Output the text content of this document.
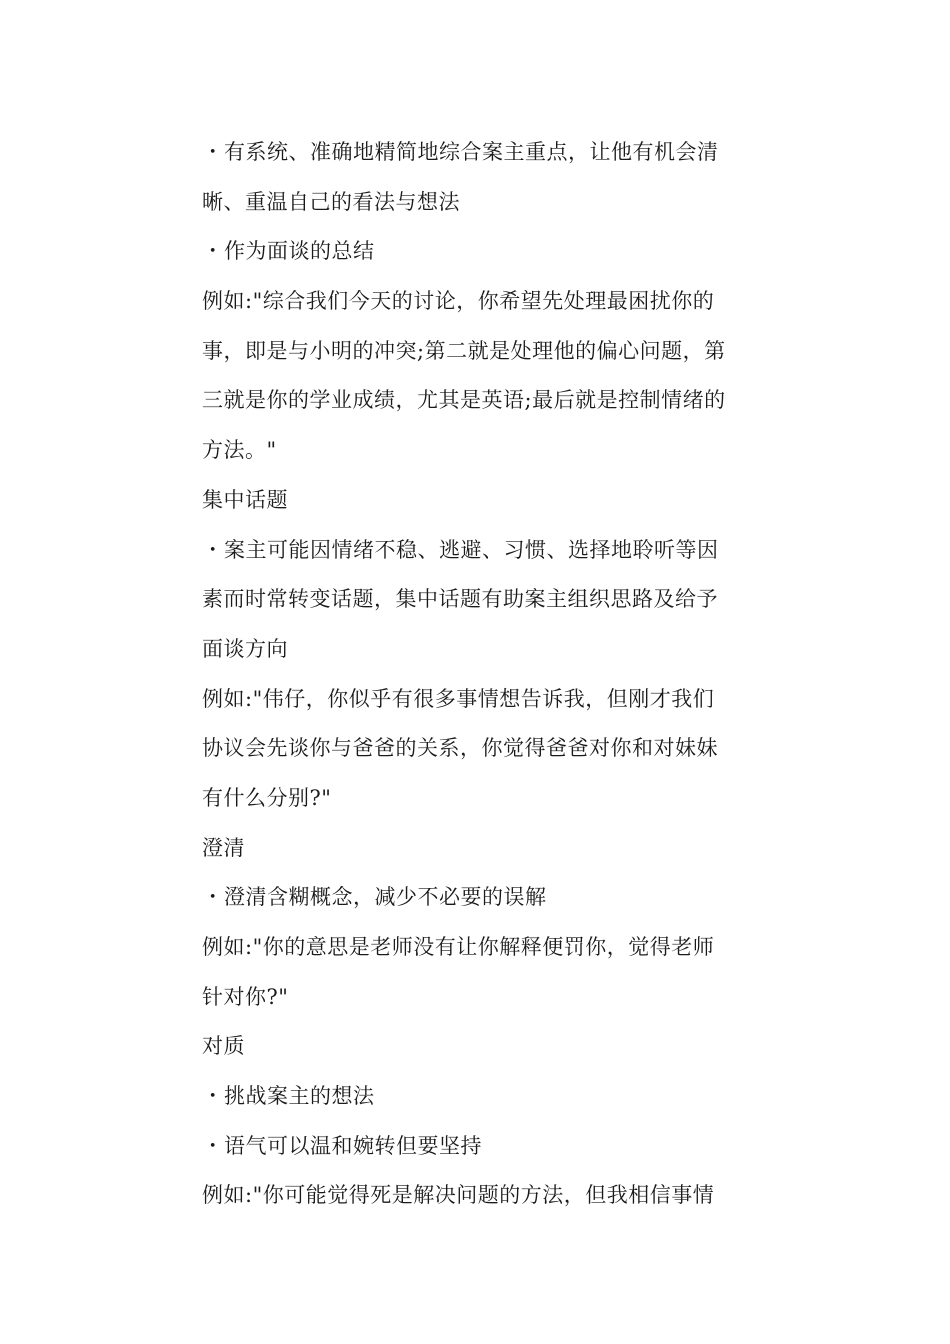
• 有系统、准确地精简地综合案主重点，让他有机会清
晰、重温自己的看法与想法
• 作为面谈的总结
例如:"综合我们今天的讨论，你希望先处理最困扰你的
事，即是与小明的冲突;第二就是处理他的偏心问题，第
三就是你的学业成绩，尤其是英语;最后就是控制情绪的
方法。"
集中话题
• 案主可能因情绪不稳、逃避、习惯、选择地聆听等因
素而时常转变话题，集中话题有助案主组织思路及给予
面谈方向
例如:"伟仔，你似乎有很多事情想告诉我，但刚才我们
协议会先谈你与爸爸的关系，你觉得爸爸对你和对妹妹
有什么分别?"
澄清
• 澄清含糊概念，减少不必要的误解
例如:"你的意思是老师没有让你解释便罚你，觉得老师
针对你?"
对质
• 挑战案主的想法
• 语气可以温和婉转但要坚持
例如:"你可能觉得死是解决问题的方法，但我相信事情
